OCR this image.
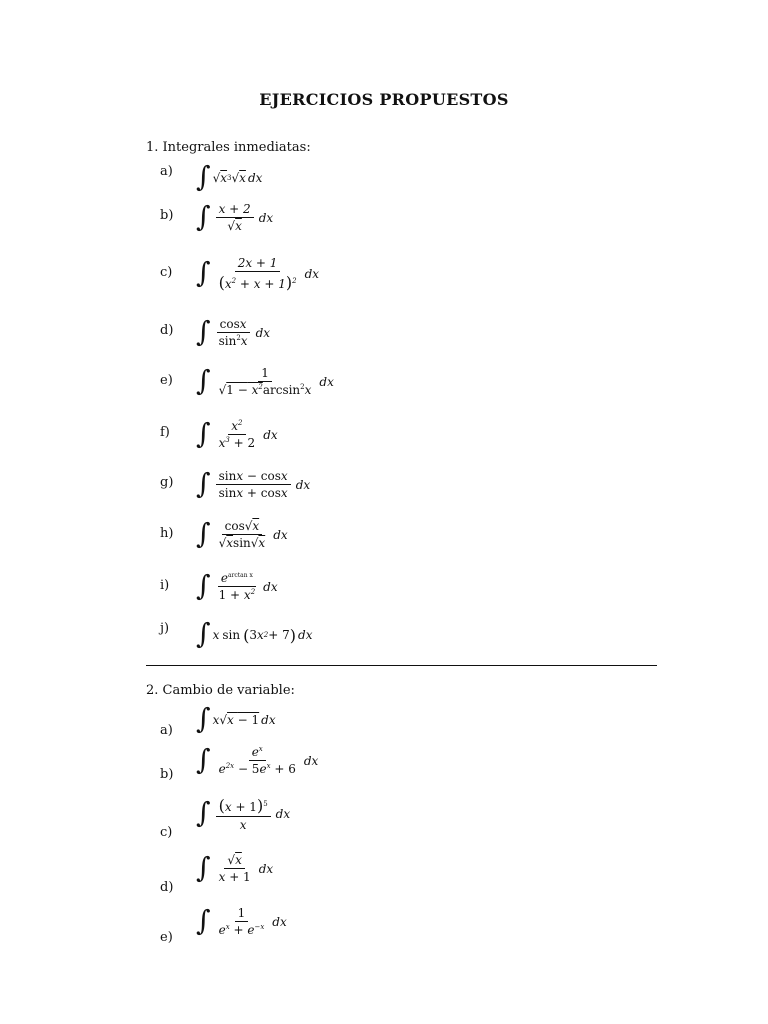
EJERCICIOS PROPUESTOS
1. Integrales inmediatas:
a) ∫ √ x 3 √ x dx
b) ∫ $\frac{x + 2}{√x}$ dx
c) ∫ $\frac{2x + 1}{(x^2 + x + 1)^2}$ dx
d) ∫ $\frac{\cos x}{\sin^2x}$ dx
e) ∫ $\frac{1}{√1 - x^2\arcsin^2x}$ dx
f) ∫ $\frac{x^2}{x^3 + 2}$ dx
g) ∫ $\frac{\sin x - \cos x}{\sin x + \cos x}$ dx
h) ∫ $\frac{\cos√x}{√xsin√x}$ dx
i) ∫ $\frac{e^{arctan x}}{1 + x^2}$ dx
j) ∫ x sin ( 3 x 2 + 7 ) dx
2. Cambio de variable:
a) ∫ x √ x − 1 dx
b) ∫ $\frac{e^x}{e^{2x} - 5e^x + 6}$ dx
c)
∫ $\frac{(x + 1)^5}{x}$ dx
d)
∫ $\frac{√x}{x + 1}$ dx
e)
∫ $\frac{1}{e^x + e^{-x}}$ dx
